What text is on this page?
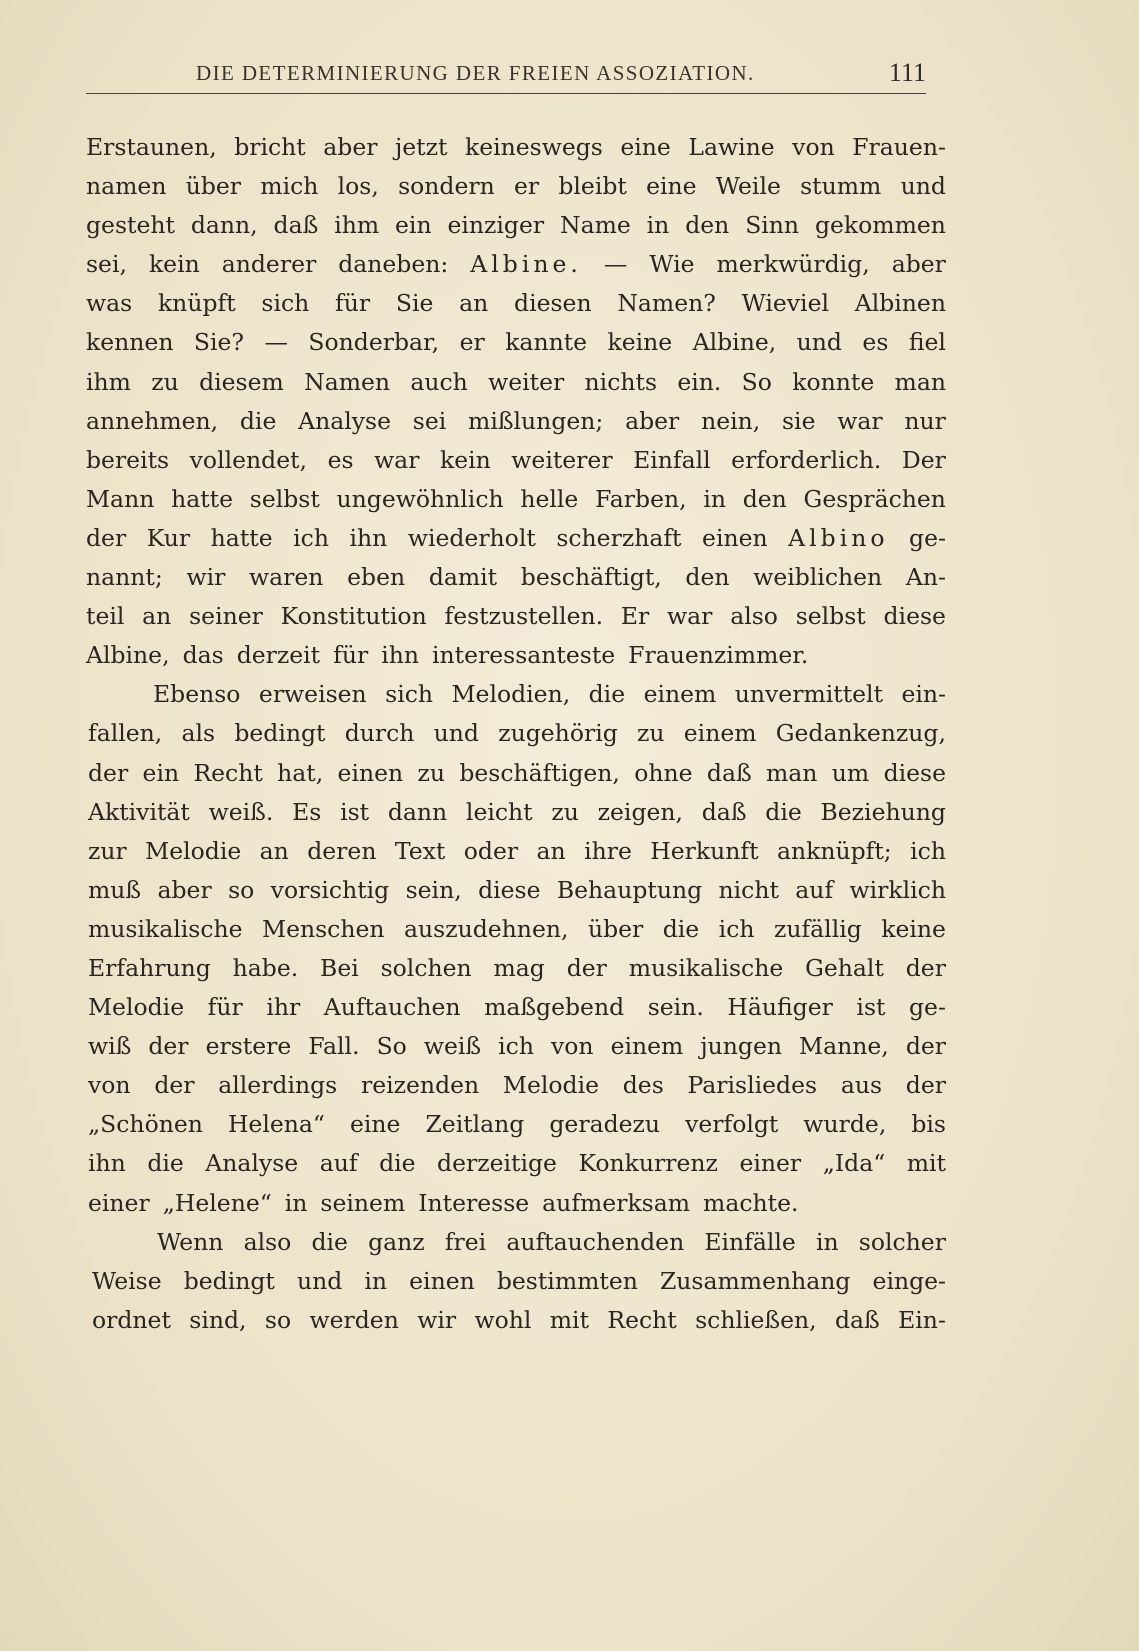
DIE DETERMINIERUNG DER FREIEN ASSOZIATION.	111
Erstaunen, bricht aber jetzt keineswegs eine Lawine von Frauen-
namen über mich los, sondern er bleibt eine Weile stumm und
gesteht dann, daß ihm ein einziger Name in den Sinn gekommen
sei, kein anderer daneben: Albine. — Wie merkwürdig, aber
was knüpft sich für Sie an diesen Namen? Wieviel Albinen
kennen Sie? — Sonderbar, er kannte keine Albine, und es fiel
ihm zu diesem Namen auch weiter nichts ein. So konnte man
annehmen, die Analyse sei mißlungen; aber nein, sie war nur
bereits vollendet, es war kein weiterer Einfall erforderlich. Der
Mann hatte selbst ungewöhnlich helle Farben, in den Gesprächen
der Kur hatte ich ihn wiederholt scherzhaft einen Albino ge-
nannt; wir waren eben damit beschäftigt, den weiblichen An-
teil an seiner Konstitution festzustellen. Er war also selbst diese
Albine, das derzeit für ihn interessanteste Frauenzimmer.
Ebenso erweisen sich Melodien, die einem unvermittelt ein-
fallen, als bedingt durch und zugehörig zu einem Gedankenzug,
der ein Recht hat, einen zu beschäftigen, ohne daß man um diese
Aktivität weiß. Es ist dann leicht zu zeigen, daß die Beziehung
zur Melodie an deren Text oder an ihre Herkunft anknüpft; ich
muß aber so vorsichtig sein, diese Behauptung nicht auf wirklich
musikalische Menschen auszudehnen, über die ich zufällig keine
Erfahrung habe. Bei solchen mag der musikalische Gehalt der
Melodie für ihr Auftauchen maßgebend sein. Häufiger ist ge-
wiß der erstere Fall. So weiß ich von einem jungen Manne, der
von der allerdings reizenden Melodie des Parisliedes aus der
„Schönen Helena“ eine Zeitlang geradezu verfolgt wurde, bis
ihn die Analyse auf die derzeitige Konkurrenz einer „Ida“ mit
einer „Helene“ in seinem Interesse aufmerksam machte.
Wenn also die ganz frei auftauchenden Einfälle in solcher
Weise bedingt und in einen bestimmten Zusammenhang einge-
ordnet sind, so werden wir wohl mit Recht schließen, daß Ein-
